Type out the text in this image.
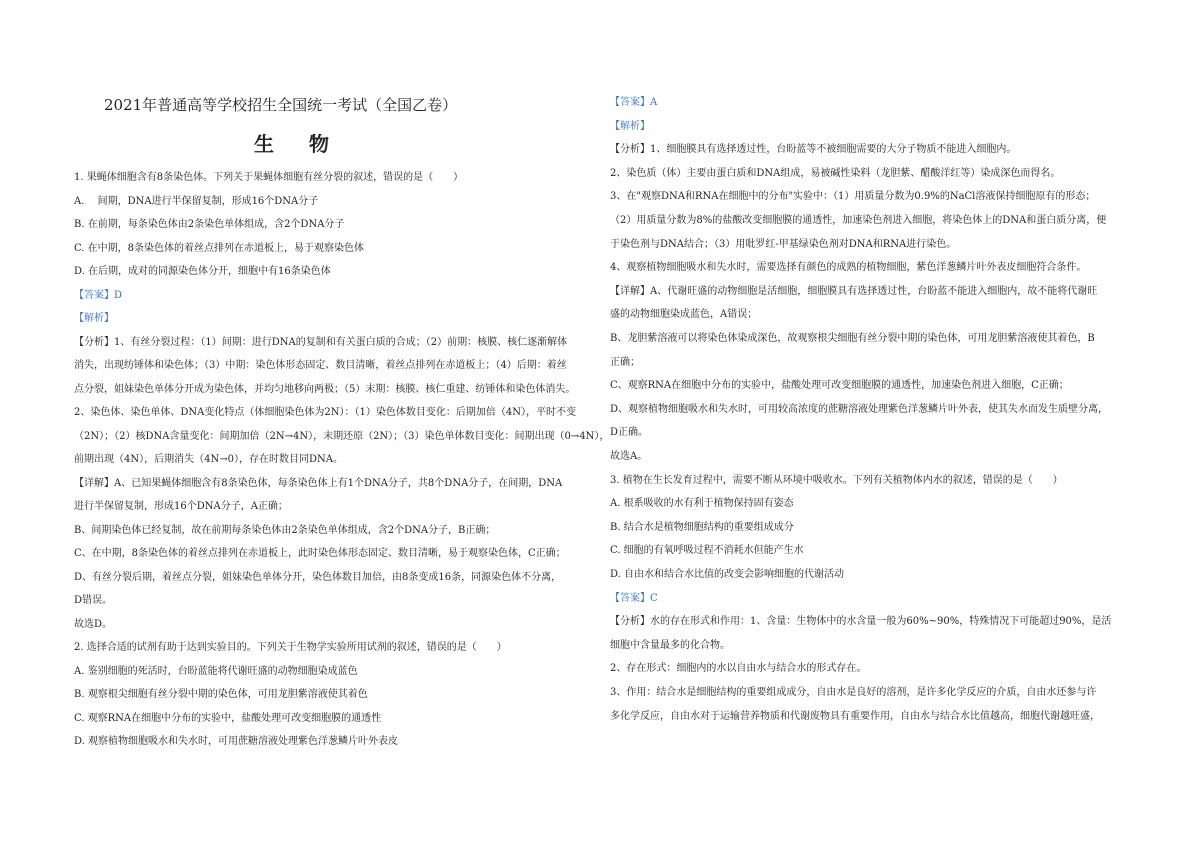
2021年普通高等学校招生全国统一考试（全国乙卷）
生 物
1. 果蝇体细胞含有8条染色体。下列关于果蝇体细胞有丝分裂的叙述，错误的是（　　）
A.　 间期，DNA进行半保留复制，形成16个DNA分子
B. 在前期，每条染色体由2条染色单体组成，含2个DNA分子
C. 在中期，8条染色体的着丝点排列在赤道板上，易于观察染色体
D. 在后期，成对的同源染色体分开，细胞中有16条染色体
【答案】D
【解析】
【分析】1、有丝分裂过程：（1）间期：进行DNA的复制和有关蛋白质的合成；（2）前期：核膜、核仁逐渐解体
消失，出现纺锤体和染色体；（3）中期：染色体形态固定、数目清晰，着丝点排列在赤道板上；（4）后期：着丝
点分裂，姐妹染色单体分开成为染色体，并均匀地移向两极；（5）末期：核膜、核仁重建、纺锤体和染色体消失。
2、染色体、染色单体、DNA变化特点（体细胞染色体为2N）：（1）染色体数目变化：后期加倍（4N），平时不变
（2N）；（2）核DNA含量变化：间期加倍（2N→4N），末期还原（2N）；（3）染色单体数目变化：间期出现（0→4N），
前期出现（4N），后期消失（4N→0），存在时数目同DNA。
【详解】A、已知果蝇体细胞含有8条染色体，每条染色体上有1个DNA分子，共8个DNA分子，在间期，DNA
进行半保留复制，形成16个DNA分子，A正确；
B、间期染色体已经复制，故在前期每条染色体由2条染色单体组成，含2个DNA分子，B正确；
C、在中期，8条染色体的着丝点排列在赤道板上，此时染色体形态固定、数目清晰，易于观察染色体，C正确；
D、有丝分裂后期，着丝点分裂，姐妹染色单体分开，染色体数目加倍，由8条变成16条，同源染色体不分离，
D错误。
故选D。
2. 选择合适的试剂有助于达到实验目的。下列关于生物学实验所用试剂的叙述，错误的是（　　）
A. 鉴别细胞的死活时，台盼蓝能将代谢旺盛的动物细胞染成蓝色
B. 观察根尖细胞有丝分裂中期的染色体，可用龙胆紫溶液使其着色
C. 观察RNA在细胞中分布的实验中，盐酸处理可改变细胞膜的通透性
D. 观察植物细胞吸水和失水时，可用蔗糖溶液处理紫色洋葱鳞片叶外表皮
【答案】A
【解析】
【分析】1、细胞膜具有选择透过性，台盼蓝等不被细胞需要的大分子物质不能进入细胞内。
2、染色质（体）主要由蛋白质和DNA组成，易被碱性染料（龙胆紫、醋酸洋红等）染成深色而得名。
3、在"观察DNA和RNA在细胞中的分布"实验中：（1）用质量分数为0.9%的NaCl溶液保持细胞原有的形态；
（2）用质量分数为8%的盐酸改变细胞膜的通透性，加速染色剂进入细胞，将染色体上的DNA和蛋白质分离，便
于染色剂与DNA结合；（3）用吡罗红-甲基绿染色剂对DNA和RNA进行染色。
4、观察植物细胞吸水和失水时，需要选择有颜色的成熟的植物细胞，紫色洋葱鳞片叶外表皮细胞符合条件。
【详解】A、代谢旺盛的动物细胞是活细胞，细胞膜具有选择透过性，台盼蓝不能进入细胞内，故不能将代谢旺
盛的动物细胞染成蓝色，A错误；
B、龙胆紫溶液可以将染色体染成深色，故观察根尖细胞有丝分裂中期的染色体，可用龙胆紫溶液使其着色，B
正确；
C、观察RNA在细胞中分布的实验中，盐酸处理可改变细胞膜的通透性，加速染色剂进入细胞，C正确；
D、观察植物细胞吸水和失水时，可用较高浓度的蔗糖溶液处理紫色洋葱鳞片叶外表，使其失水而发生质壁分离，
D正确。
故选A。
3. 植物在生长发育过程中，需要不断从环境中吸收水。下列有关植物体内水的叙述，错误的是（　　）
A. 根系吸收的水有利于植物保持固有姿态
B. 结合水是植物细胞结构的重要组成成分
C. 细胞的有氧呼吸过程不消耗水但能产生水
D. 自由水和结合水比值的改变会影响细胞的代谢活动
【答案】C
【分析】水的存在形式和作用：1、含量：生物体中的水含量一般为60%~90%，特殊情况下可能超过90%，是活
细胞中含量最多的化合物。
2、存在形式：细胞内的水以自由水与结合水的形式存在。
3、作用：结合水是细胞结构的重要组成成分，自由水是良好的溶剂，是许多化学反应的介质，自由水还参与许
多化学反应，自由水对于运输营养物质和代谢废物具有重要作用，自由水与结合水比值越高，细胞代谢越旺盛，
